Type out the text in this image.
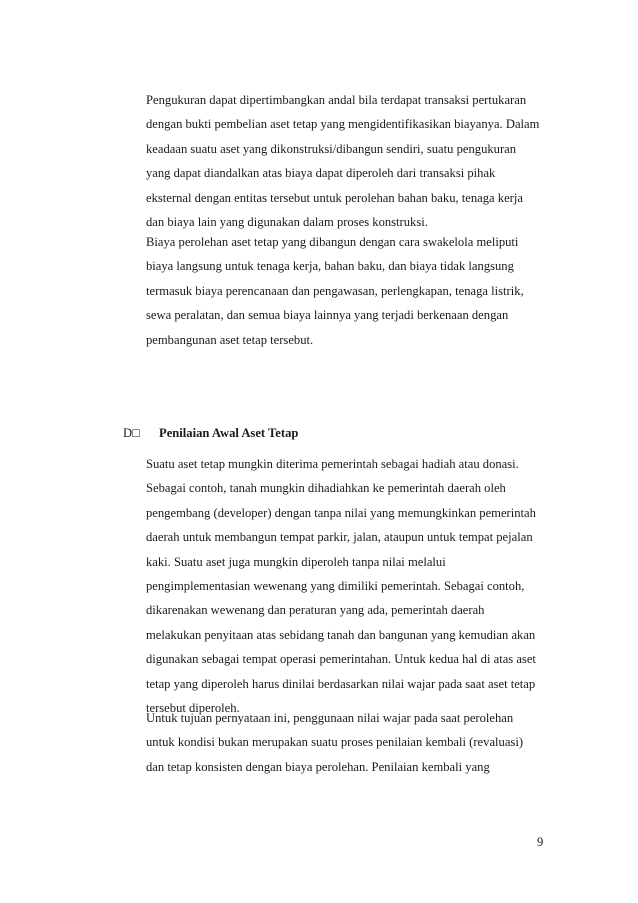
Pengukuran dapat dipertimbangkan andal bila terdapat transaksi pertukaran
dengan bukti pembelian aset tetap yang mengidentifikasikan biayanya. Dalam
keadaan suatu aset yang dikonstruksi/dibangun sendiri, suatu pengukuran
yang dapat diandalkan atas biaya dapat diperoleh dari transaksi pihak
eksternal dengan entitas tersebut untuk perolehan bahan baku, tenaga kerja
dan biaya lain yang digunakan dalam proses konstruksi.
Biaya perolehan aset tetap yang dibangun dengan cara swakelola meliputi
biaya langsung untuk tenaga kerja, bahan baku, dan biaya tidak langsung
termasuk biaya perencanaan dan pengawasan, perlengkapan, tenaga listrik,
sewa peralatan, dan semua biaya lainnya yang terjadi berkenaan dengan
pembangunan aset tetap tersebut.
D□ Penilaian Awal Aset Tetap
Suatu aset tetap mungkin diterima pemerintah sebagai hadiah atau donasi.
Sebagai contoh, tanah mungkin dihadiahkan ke pemerintah daerah oleh
pengembang (developer) dengan tanpa nilai yang memungkinkan pemerintah
daerah untuk membangun tempat parkir, jalan, ataupun untuk tempat pejalan
kaki. Suatu aset juga mungkin diperoleh tanpa nilai melalui
pengimplementasian wewenang yang dimiliki pemerintah. Sebagai contoh,
dikarenakan wewenang dan peraturan yang ada, pemerintah daerah
melakukan penyitaan atas sebidang tanah dan bangunan yang kemudian akan
digunakan sebagai tempat operasi pemerintahan. Untuk kedua hal di atas aset
tetap yang diperoleh harus dinilai berdasarkan nilai wajar pada saat aset tetap
tersebut diperoleh.
Untuk tujuan pernyataan ini, penggunaan nilai wajar pada saat perolehan
untuk kondisi bukan merupakan suatu proses penilaian kembali (revaluasi)
dan tetap konsisten dengan biaya perolehan. Penilaian kembali yang
9
